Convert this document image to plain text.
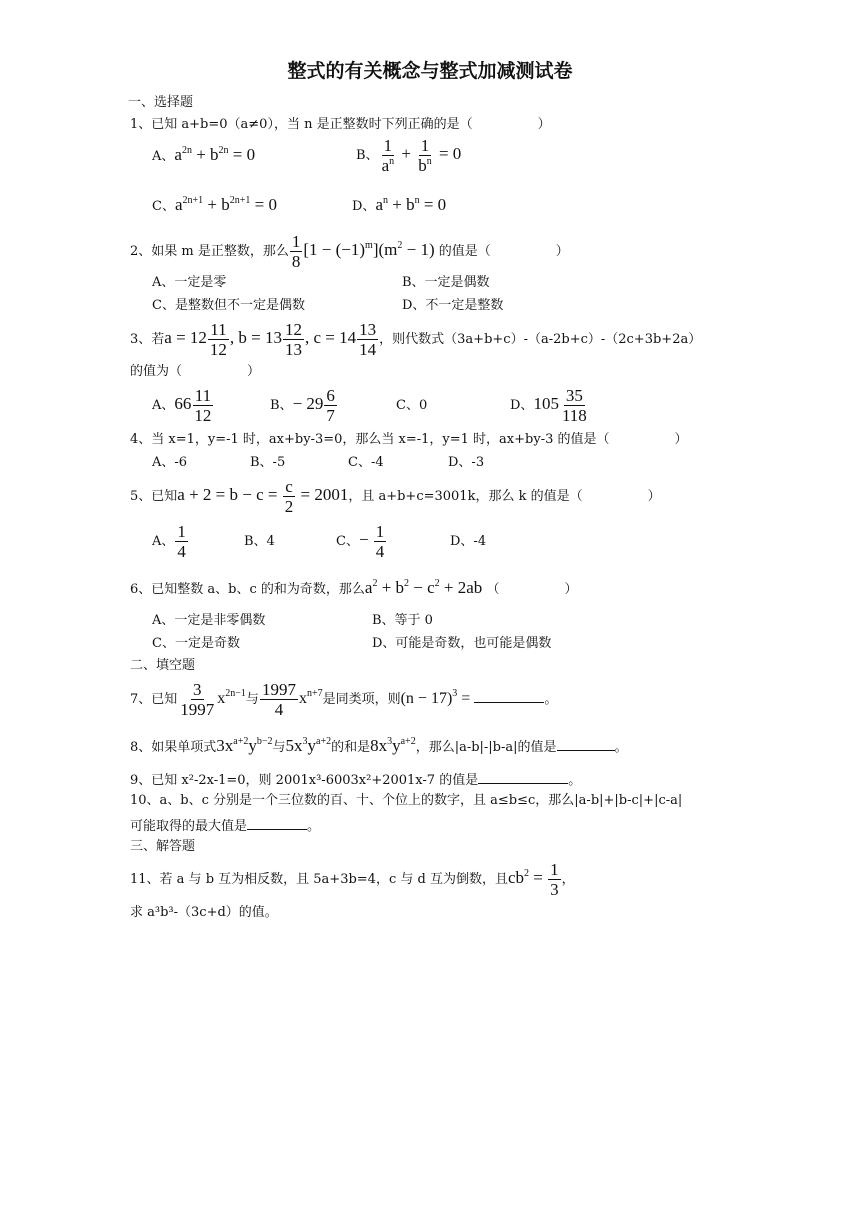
整式的有关概念与整式加减测试卷
一、选择题
1、已知 a+b=0（a≠0），当 n 是正整数时下列正确的是（　　　　　）
A、$a^{2n} + b^{2n} = 0$	B、 $\frac{1}{a^n} + \frac{1}{b^n} = 0$
C、$a^{2n+1} + b^{2n+1} = 0$	D、$a^n + b^n = 0$
2、如果 m 是正整数，那么 $\frac{1}{8} [1 - (-1)^m](m^2 - 1)$ 的值是（　　　　　）
A、一定是零	B、一定是偶数
C、是整数但不一定是偶数	D、不一定是整数
3、若$a = 12 \frac{11}{12}$ , $b = 13 \frac{12}{13}$ , $c = 14 \frac{13}{14}$ ，则代数式（3a+b+c）-（a-2b+c）-（2c+3b+2a）
的值为（　　　　　）
A、$66 \frac{11}{12}$	B、− $29 \frac{6}{7}$	C、0	D、$105 \frac{35}{118}$
4、当 x=1，y=-1 时，ax+by-3=0，那么当 x=-1，y=1 时，ax+by-3 的值是（　　　　　）
A、-6	B、-5	C、-4	D、-3
5、已知$a + 2 = b - c = \frac{c}{2} = 2001$，且 a+b+c=3001k，那么 k 的值是（　　　　　）
A、 $\frac{1}{4}$	B、4	C、− $\frac{1}{4}$	D、-4
6、已知整数 a、b、c 的和为奇数，那么$a^2 + b^2 - c^2 + 2ab$ （　　　　　）
A、一定是非零偶数	B、等于 0
C、一定是奇数	D、可能是奇数，也可能是偶数
二、填空题
7、已知 $\frac{3}{1997} x^{2n-1}$与 $\frac{1997}{4} x^{n+7}$是同类项，则$(n - 17)^3$ =	。
8、如果单项式$3x^{a+2}y^{b-2}$与$5x^3y^{a+2}$的和是$8x^3y^{a+2}$，那么|a-b|-|b-a|的值是	。
9、已知 x²-2x-1=0，则 2001x³-6003x²+2001x-7 的值是	。
10、a、b、c 分别是一个三位数的百、十、个位上的数字，且 a≤b≤c，那么|a-b|+|b-c|+|c-a|
可能取得的最大值是	。
三、解答题
11、若 a 与 b 互为相反数，且 5a+3b=4，c 与 d 互为倒数，且$cb^2 = \frac{1}{3}$ ，
求 a³b³-（3c+d）的值。
